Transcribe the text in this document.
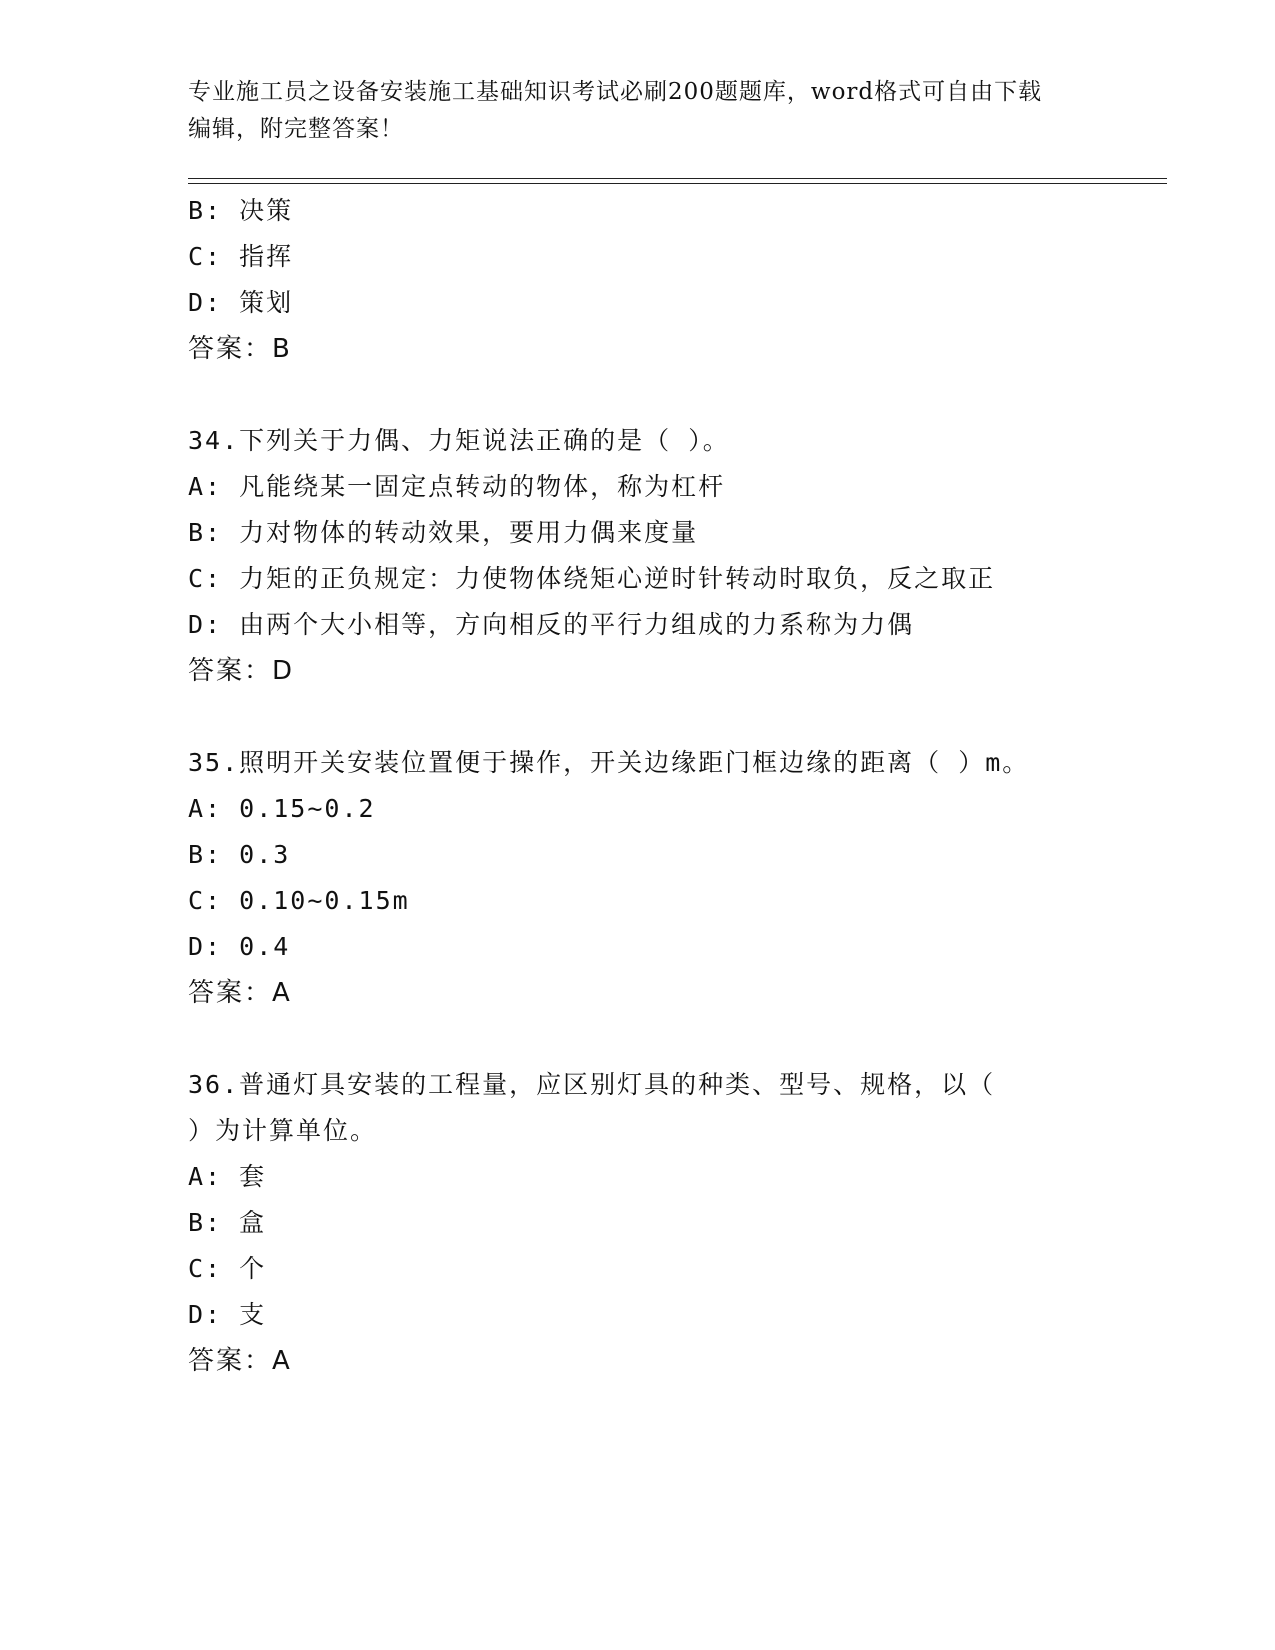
专业施工员之设备安装施工基础知识考试必刷200题题库，word格式可自由下载
编辑，附完整答案！
B: 决策
C: 指挥
D: 策划
答案：B
34.下列关于力偶、力矩说法正确的是（ ）。
A: 凡能绕某一固定点转动的物体，称为杠杆
B: 力对物体的转动效果，要用力偶来度量
C: 力矩的正负规定：力使物体绕矩心逆时针转动时取负，反之取正
D: 由两个大小相等，方向相反的平行力组成的力系称为力偶
答案：D
35.照明开关安装位置便于操作，开关边缘距门框边缘的距离（ ）m。
A: 0.15~0.2
B: 0.3
C: 0.10~0.15m
D: 0.4
答案：A
36.普通灯具安装的工程量，应区别灯具的种类、型号、规格，以（
）为计算单位。
A: 套
B: 盒
C: 个
D: 支
答案：A
